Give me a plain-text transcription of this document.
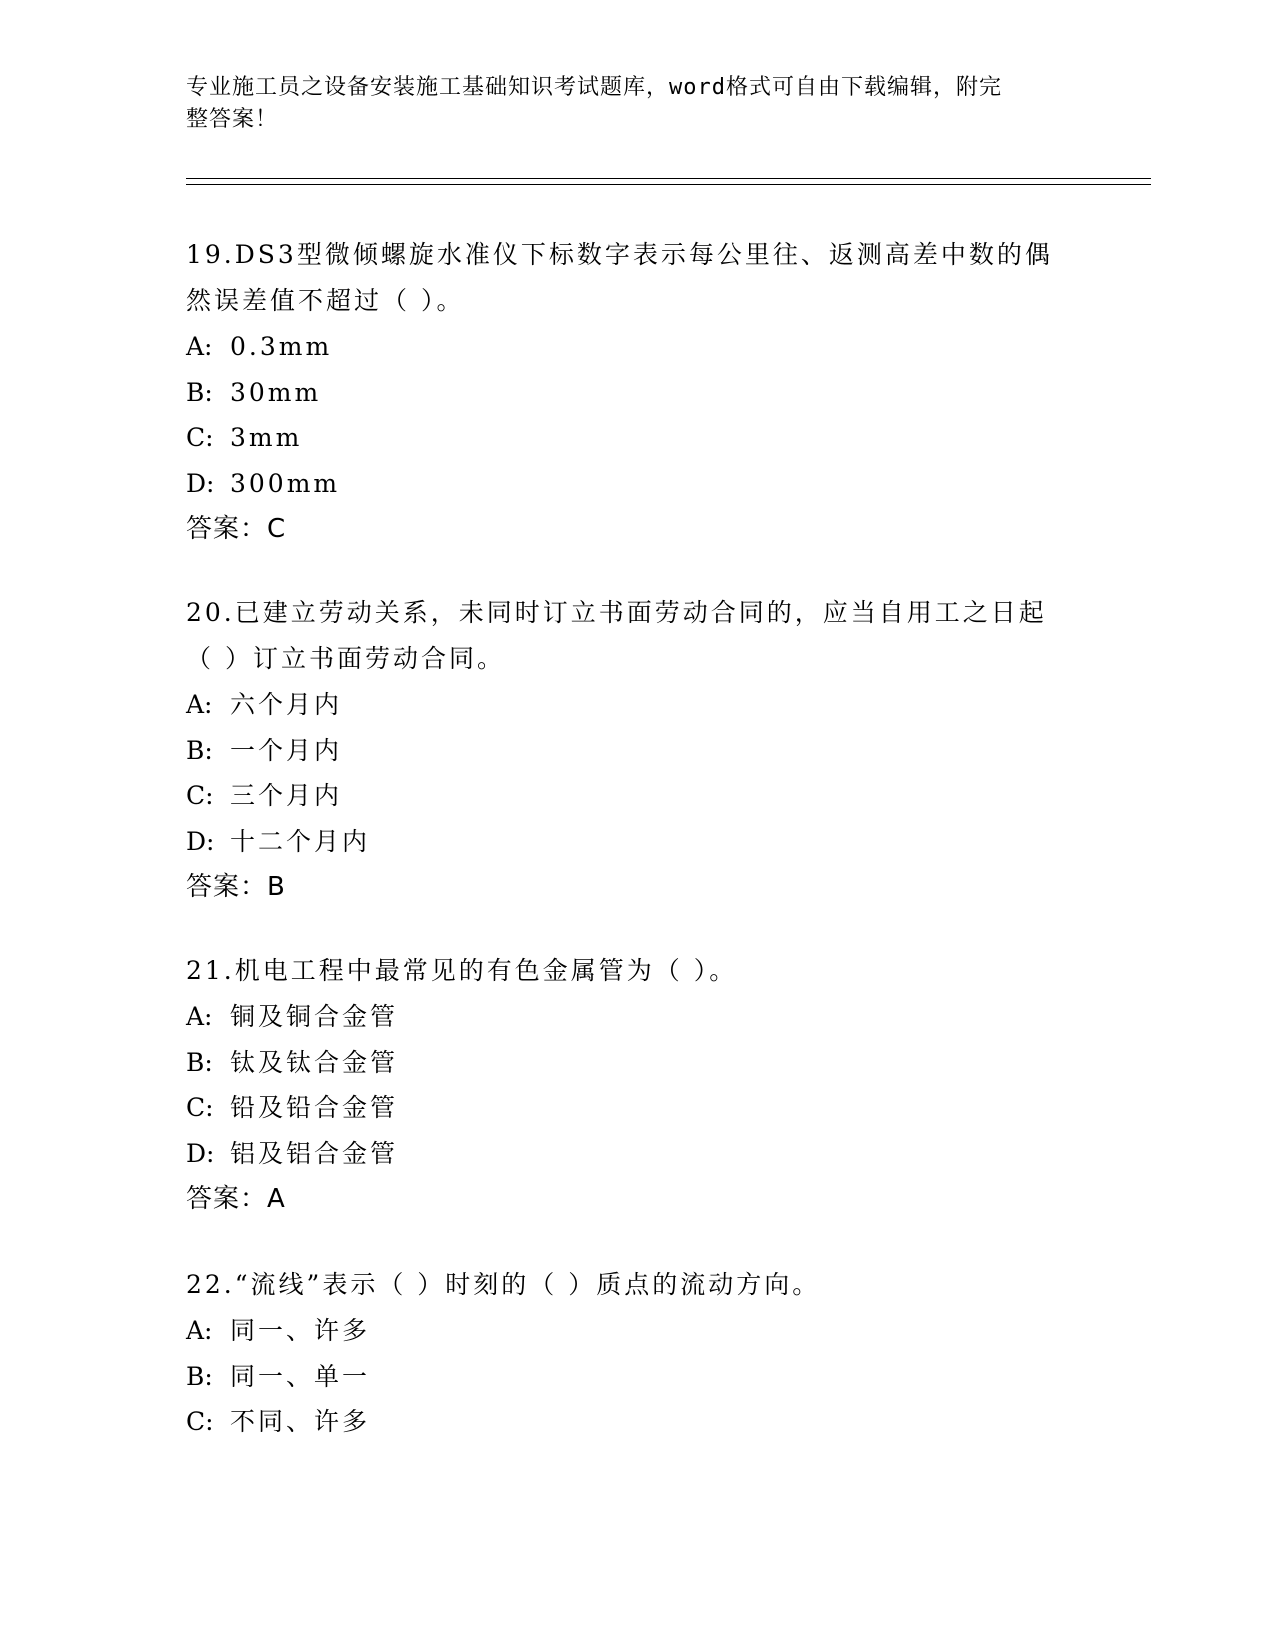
专业施工员之设备安装施工基础知识考试题库，word格式可自由下载编辑，附完
整答案！

19.DS3型微倾螺旋水准仪下标数字表示每公里往、返测高差中数的偶

然误差值不超过（ ）。

A: 0.3mm

B: 30mm

C: 3mm

D: 300mm

答案：C

20.已建立劳动关系，未同时订立书面劳动合同的，应当自用工之日起

（ ）订立书面劳动合同。

A: 六个月内

B: 一个月内

C: 三个月内

D: 十二个月内

答案：B

21.机电工程中最常见的有色金属管为（ ）。

A: 铜及铜合金管

B: 钛及钛合金管

C: 铅及铅合金管

D: 铝及铝合金管

答案：A

22.“流线”表示（ ）时刻的（ ）质点的流动方向。

A: 同一、许多

B: 同一、单一

C: 不同、许多
